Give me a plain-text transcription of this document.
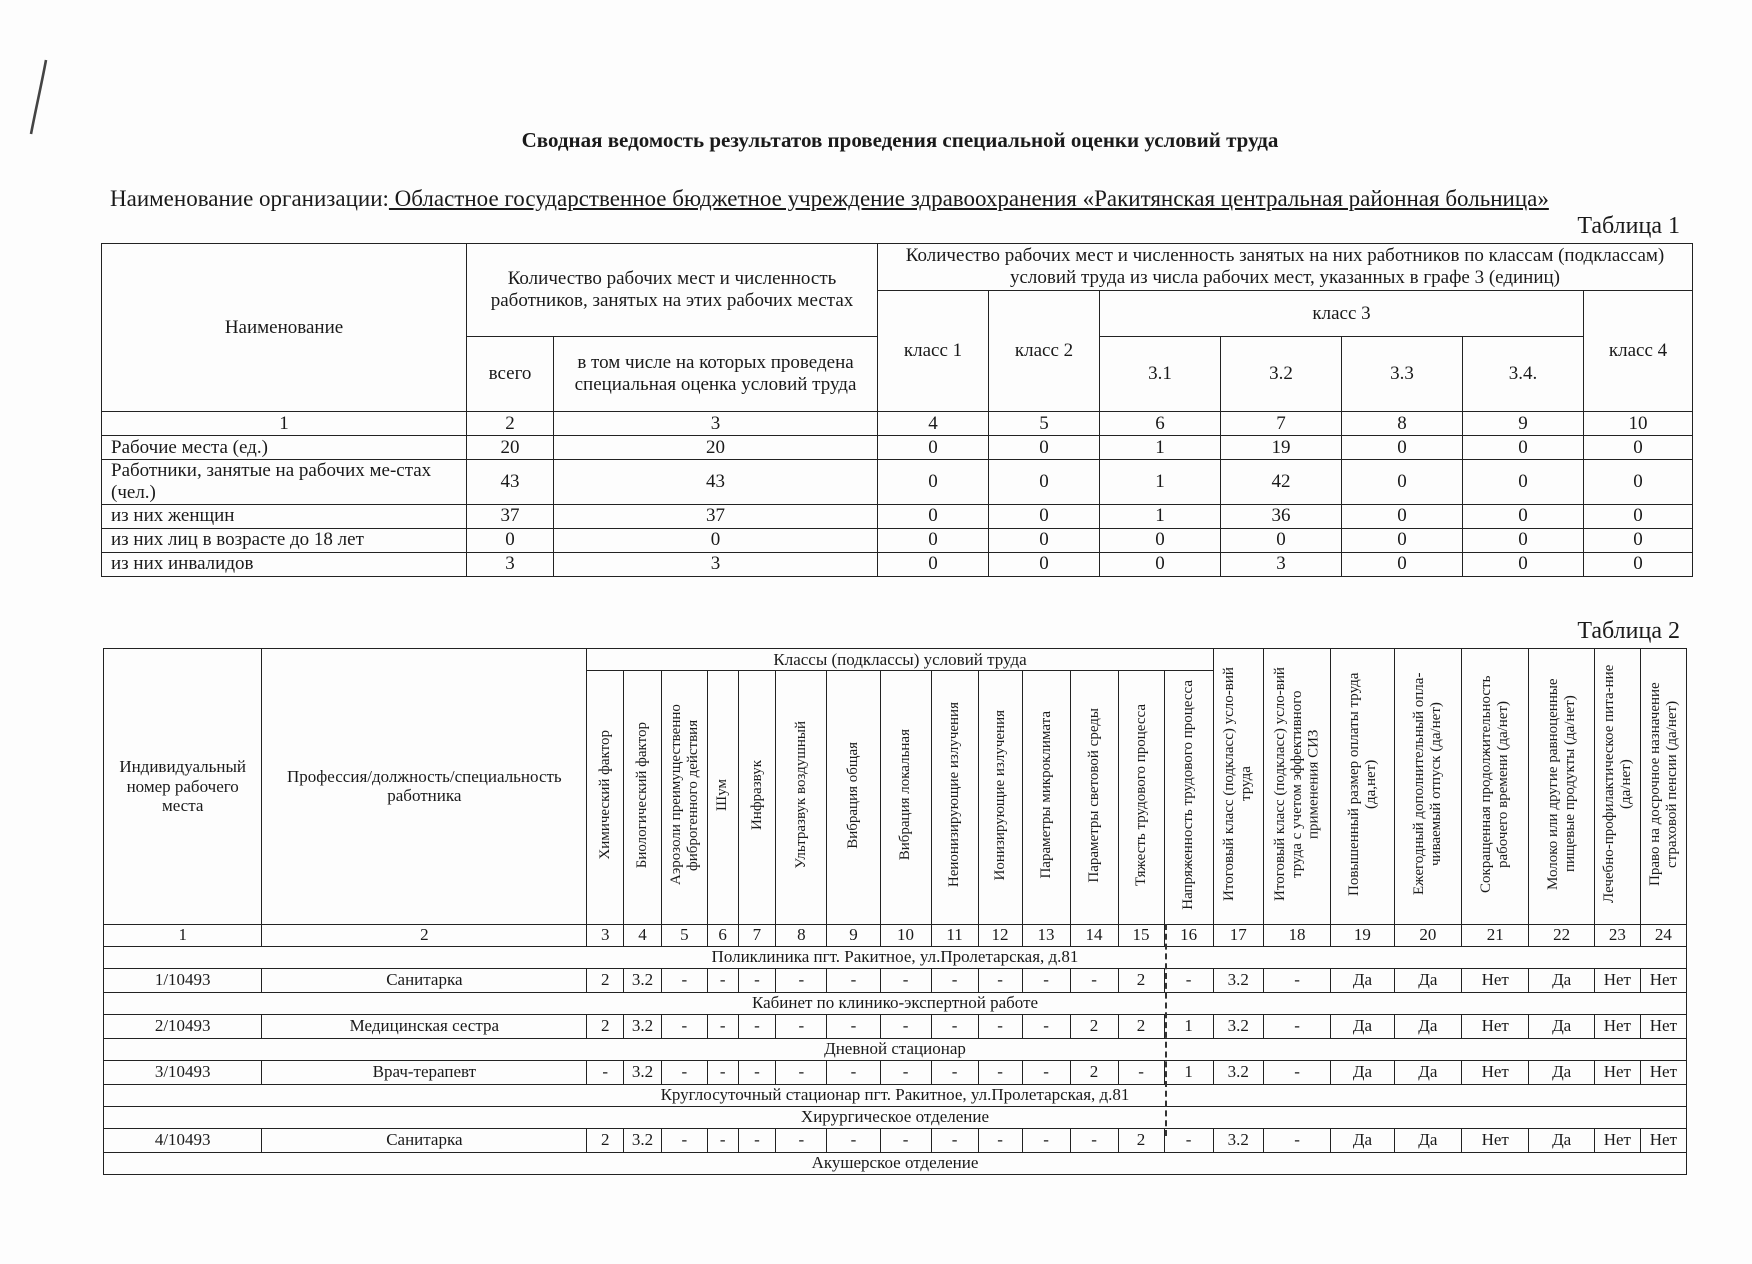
Сводная ведомость результатов проведения специальной оценки условий труда
Наименование организации: Областное государственное бюджетное учреждение здравоохранения «Ракитянская центральная районная больница»
Таблица 1
Наименование	Количество рабочих мест и численность работников, занятых на этих рабочих местах		Количество рабочих мест и численность занятых на них работников по классам (подклассам) условий труда из числа рабочих мест, указанных в графе 3 (единиц)						
			класс 1	класс 2	класс 3				класс 4
	всего	в том числе на которых проведена специальная оценка условий труда			3.1	3.2	3.3	3.4.	
1	2	3	4	5	6	7	8	9	10
Рабочие места (ед.)	20	20	0	0	1	19	0	0	0
Работники, занятые на рабочих ме-стах (чел.)	43	43	0	0	1	42	0	0	0
из них женщин	37	37	0	0	1	36	0	0	0
из них лиц в возрасте до 18 лет	0	0	0	0	0	0	0	0	0
из них инвалидов	3	3	0	0	0	3	0	0	0
Таблица 2
Индивидуальный номер рабочего места	Профессия/должность/специальность работника	Классы (подклассы) условий труда														Итоговый класс (подкласс) усло-вий труда	Итоговый класс (подкласс) усло-вий труда с учетом эффективного применения СИЗ	Повышенный размер оплаты труда (да,нет)	Ежегодный дополнительный опла-чиваемый отпуск (да/нет)	Сокращенная продолжительность рабочего времени (да/нет)	Молоко или другие равноценные пищевые продукты (да/нет)	Лечебно-профилактическое пита-ние (да/нет)	Право на досрочное назначение страховой пенсии (да/нет)
		Химический фактор	Биологический фактор	Аэрозоли преимущественно фиброгенного действия	Шум	Инфразвук	Ультразвук воздушный	Вибрация общая	Вибрация локальная	Неионизирующие излучения	Ионизирующие излучения	Параметры микроклимата	Параметры световой среды	Тяжесть трудового процесса	Напряженность трудового процесса								
1	2	3	4	5	6	7	8	9	10	11	12	13	14	15	16	17	18	19	20	21	22	23	24
Поликлиника пгт. Ракитное, ул.Пролетарская, д.81																							
1/10493	Санитарка	2	3.2	-	-	-	-	-	-	-	-	-	-	2	-	3.2	-	Да	Да	Нет	Да	Нет	Нет
Кабинет по клинико-экспертной работе																							
2/10493	Медицинская сестра	2	3.2	-	-	-	-	-	-	-	-	-	2	2	1	3.2	-	Да	Да	Нет	Да	Нет	Нет
Дневной стационар																							
3/10493	Врач-терапевт	-	3.2	-	-	-	-	-	-	-	-	-	2	-	1	3.2	-	Да	Да	Нет	Да	Нет	Нет
Круглосуточный стационар пгт. Ракитное, ул.Пролетарская, д.81																							
Хирургическое отделение																							
4/10493	Санитарка	2	3.2	-	-	-	-	-	-	-	-	-	-	2	-	3.2	-	Да	Да	Нет	Да	Нет	Нет
Акушерское отделение																							
